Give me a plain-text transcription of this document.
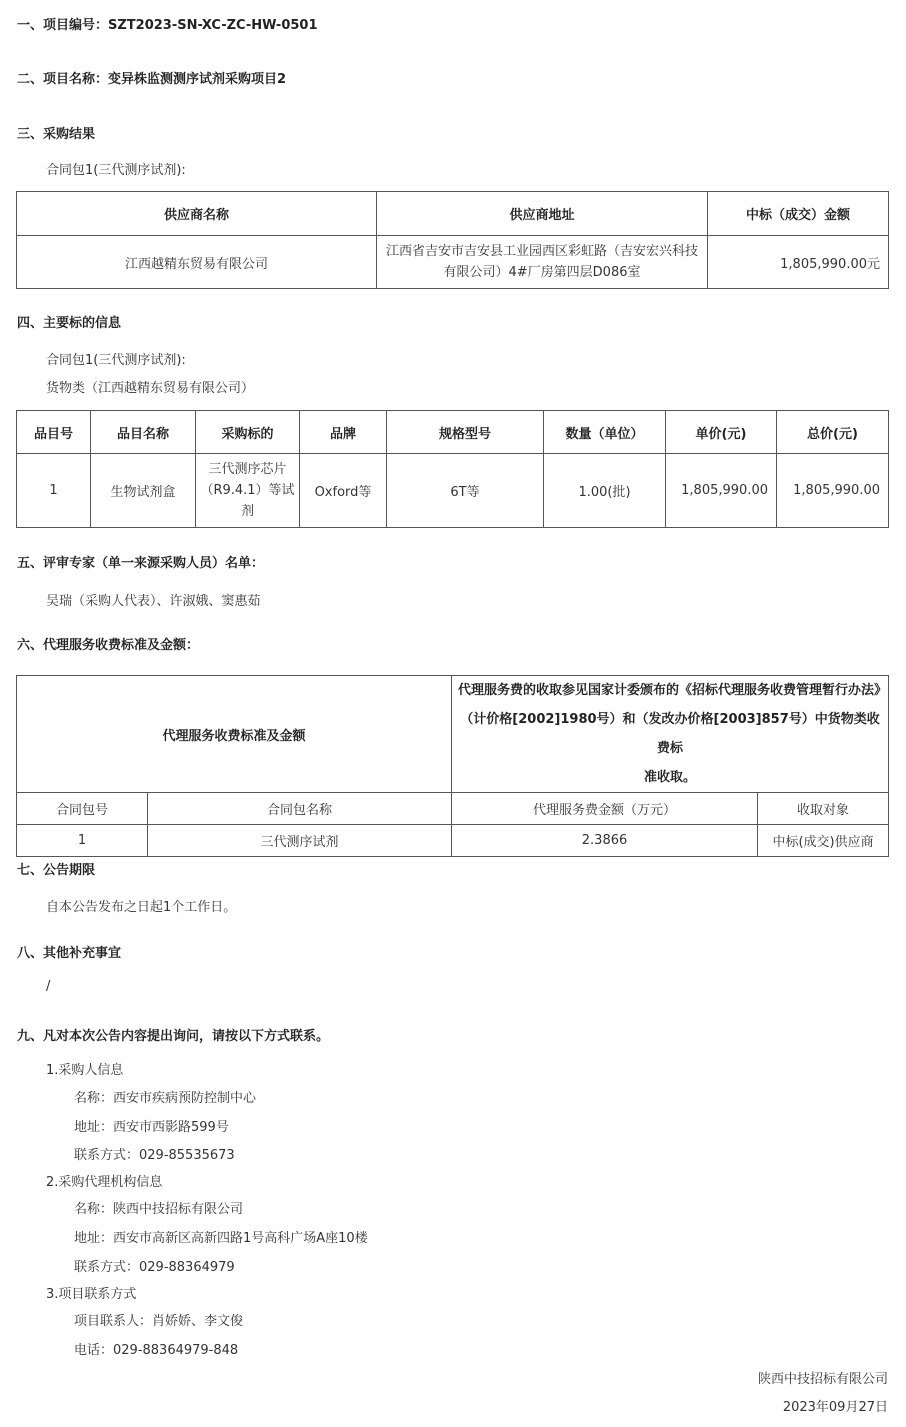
一、项目编号：SZT2023-SN-XC-ZC-HW-0501
二、项目名称：变异株监测测序试剂采购项目2
三、采购结果
合同包1(三代测序试剂):
供应商名称	供应商地址	中标（成交）金额
江西越精东贸易有限公司	江西省吉安市吉安县工业园西区彩虹路（吉安宏兴科技
有限公司）4#厂房第四层D086室	1,805,990.00元
四、主要标的信息
合同包1(三代测序试剂):
货物类（江西越精东贸易有限公司）
品目号	品目名称	采购标的	品牌	规格型号	数量（单位）	单价(元)	总价(元)
1	生物试剂盒	三代测序芯片
（R9.4.1）等试
剂	Oxford等	6T等	1.00(批)	1,805,990.00	1,805,990.00
五、评审专家（单一来源采购人员）名单：
吴瑞（采购人代表）、许淑娥、窦惠茹
六、代理服务收费标准及金额：
代理服务收费标准及金额		代理服务费的收取参见国家计委颁布的《招标代理服务收费管理暂行办法》
（计价格[2002]1980号）和（发改办价格[2003]857号）中货物类收费标
准收取。	

合同包号	合同包名称	代理服务费金额（万元）	收取对象
1	三代测序试剂	2.3866	中标(成交)供应商
七、公告期限
自本公告发布之日起1个工作日。
八、其他补充事宜
/
九、凡对本次公告内容提出询问，请按以下方式联系。
1.采购人信息
名称：西安市疾病预防控制中心
地址：西安市西影路599号
联系方式：029-85535673
2.采购代理机构信息
名称：陕西中技招标有限公司
地址：西安市高新区高新四路1号高科广场A座10楼
联系方式：029-88364979
3.项目联系方式
项目联系人：肖娇娇、李文俊
电话：029-88364979-848
陕西中技招标有限公司
2023年09月27日
